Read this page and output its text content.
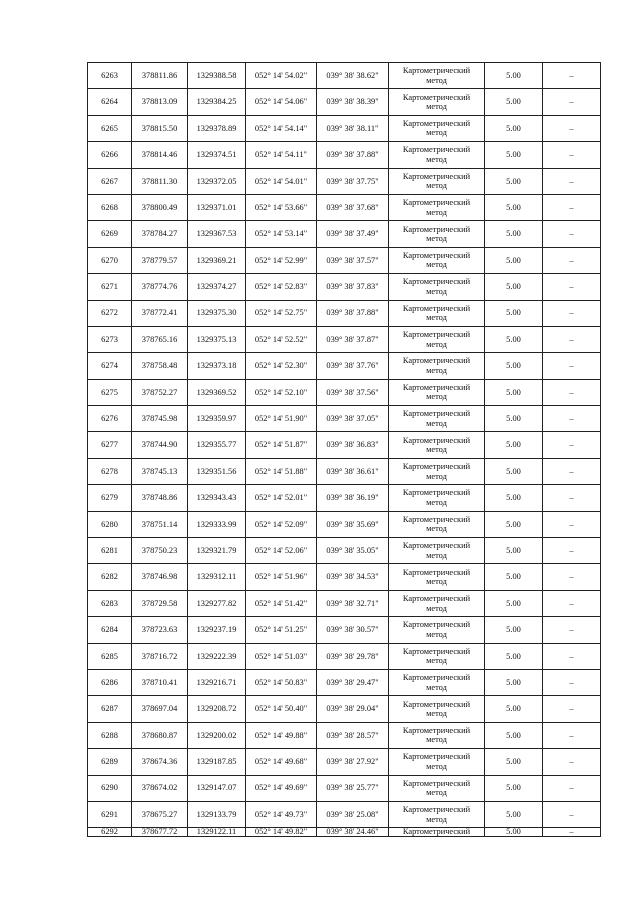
6263	378811.86	1329388.58	052° 14' 54.02"	039° 38' 38.62"	Картометрический
метод	5.00	–
6264	378813.09	1329384.25	052° 14' 54.06"	039° 38' 38.39"	Картометрический
метод	5.00	–
6265	378815.50	1329378.89	052° 14' 54.14"	039° 38' 38.11"	Картометрический
метод	5.00	–
6266	378814.46	1329374.51	052° 14' 54.11"	039° 38' 37.88"	Картометрический
метод	5.00	–
6267	378811.30	1329372.05	052° 14' 54.01"	039° 38' 37.75"	Картометрический
метод	5.00	–
6268	378800.49	1329371.01	052° 14' 53.66"	039° 38' 37.68"	Картометрический
метод	5.00	–
6269	378784.27	1329367.53	052° 14' 53.14"	039° 38' 37.49"	Картометрический
метод	5.00	–
6270	378779.57	1329369.21	052° 14' 52.99"	039° 38' 37.57"	Картометрический
метод	5.00	–
6271	378774.76	1329374.27	052° 14' 52.83"	039° 38' 37.83"	Картометрический
метод	5.00	–
6272	378772.41	1329375.30	052° 14' 52.75"	039° 38' 37.88"	Картометрический
метод	5.00	–
6273	378765.16	1329375.13	052° 14' 52.52"	039° 38' 37.87"	Картометрический
метод	5.00	–
6274	378758.48	1329373.18	052° 14' 52.30"	039° 38' 37.76"	Картометрический
метод	5.00	–
6275	378752.27	1329369.52	052° 14' 52.10"	039° 38' 37.56"	Картометрический
метод	5.00	–
6276	378745.98	1329359.97	052° 14' 51.90"	039° 38' 37.05"	Картометрический
метод	5.00	–
6277	378744.90	1329355.77	052° 14' 51.87"	039° 38' 36.83"	Картометрический
метод	5.00	–
6278	378745.13	1329351.56	052° 14' 51.88"	039° 38' 36.61"	Картометрический
метод	5.00	–
6279	378748.86	1329343.43	052° 14' 52.01"	039° 38' 36.19"	Картометрический
метод	5.00	–
6280	378751.14	1329333.99	052° 14' 52.09"	039° 38' 35.69"	Картометрический
метод	5.00	–
6281	378750.23	1329321.79	052° 14' 52.06"	039° 38' 35.05"	Картометрический
метод	5.00	–
6282	378746.98	1329312.11	052° 14' 51.96"	039° 38' 34.53"	Картометрический
метод	5.00	–
6283	378729.58	1329277.82	052° 14' 51.42"	039° 38' 32.71"	Картометрический
метод	5.00	–
6284	378723.63	1329237.19	052° 14' 51.25"	039° 38' 30.57"	Картометрический
метод	5.00	–
6285	378716.72	1329222.39	052° 14' 51.03"	039° 38' 29.78"	Картометрический
метод	5.00	–
6286	378710.41	1329216.71	052° 14' 50.83"	039° 38' 29.47"	Картометрический
метод	5.00	–
6287	378697.04	1329208.72	052° 14' 50.40"	039° 38' 29.04"	Картометрический
метод	5.00	–
6288	378680.87	1329200.02	052° 14' 49.88"	039° 38' 28.57"	Картометрический
метод	5.00	–
6289	378674.36	1329187.85	052° 14' 49.68"	039° 38' 27.92"	Картометрический
метод	5.00	–
6290	378674.02	1329147.07	052° 14' 49.69"	039° 38' 25.77"	Картометрический
метод	5.00	–
6291	378675.27	1329133.79	052° 14' 49.73"	039° 38' 25.08"	Картометрический
метод	5.00	–
6292	378677.72	1329122.11	052° 14' 49.82"	039° 38' 24.46"	Картометрический	5.00	–
